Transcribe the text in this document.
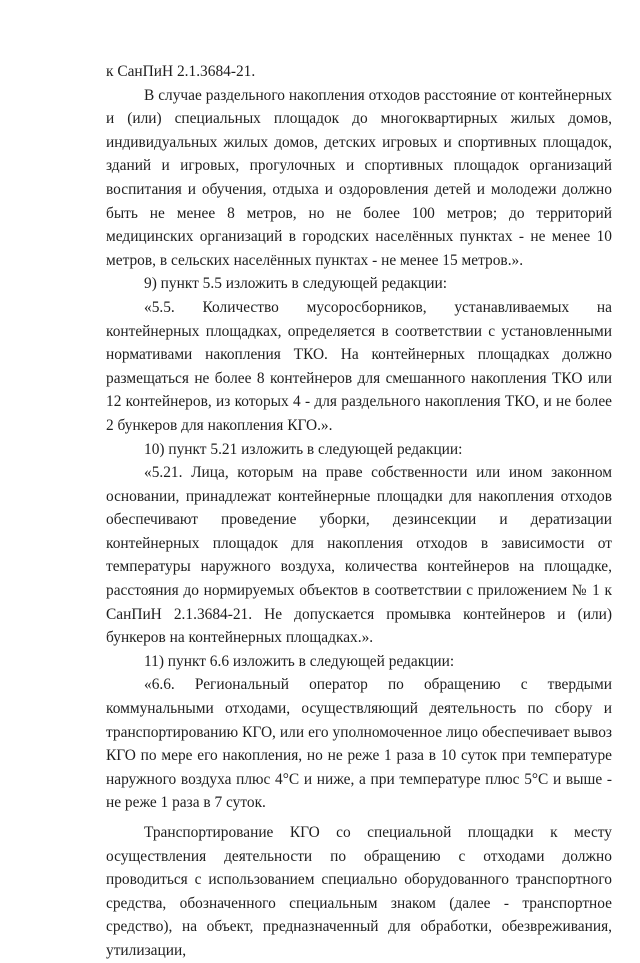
к СанПиН 2.1.3684-21.

В случае раздельного накопления отходов расстояние от контейнерных и (или) специальных площадок до многоквартирных жилых домов, индивидуальных жилых домов, детских игровых и спортивных площадок, зданий и игровых, прогулочных и спортивных площадок организаций воспитания и обучения, отдыха и оздоровления детей и молодежи должно быть не менее 8 метров, но не более 100 метров; до территорий медицинских организаций в городских населённых пунктах - не менее 10 метров, в сельских населённых пунктах - не менее 15 метров.».

9) пункт 5.5 изложить в следующей редакции:

«5.5. Количество мусоросборников, устанавливаемых на контейнерных площадках, определяется в соответствии с установленными нормативами накопления ТКО. На контейнерных площадках должно размещаться не более 8 контейнеров для смешанного накопления ТКО или 12 контейнеров, из которых 4 - для раздельного накопления ТКО, и не более 2 бункеров для накопления КГО.».

10) пункт 5.21 изложить в следующей редакции:

«5.21. Лица, которым на праве собственности или ином законном основании, принадлежат контейнерные площадки для накопления отходов обеспечивают проведение уборки, дезинсекции и дератизации контейнерных площадок для накопления отходов в зависимости от температуры наружного воздуха, количества контейнеров на площадке, расстояния до нормируемых объектов в соответствии с приложением № 1 к СанПиН 2.1.3684-21. Не допускается промывка контейнеров и (или) бункеров на контейнерных площадках.».

11) пункт 6.6 изложить в следующей редакции:

«6.6. Региональный оператор по обращению с твердыми коммунальными отходами, осуществляющий деятельность по сбору и транспортированию КГО, или его уполномоченное лицо обеспечивает вывоз КГО по мере его накопления, но не реже 1 раза в 10 суток при температуре наружного воздуха плюс 4°С и ниже, а при температуре плюс 5°С и выше - не реже 1 раза в 7 суток.

Транспортирование КГО со специальной площадки к месту осуществления деятельности по обращению с отходами должно проводиться с использованием специально оборудованного транспортного средства, обозначенного специальным знаком (далее - транспортное средство), на объект, предназначенный для обработки, обезвреживания, утилизации,
